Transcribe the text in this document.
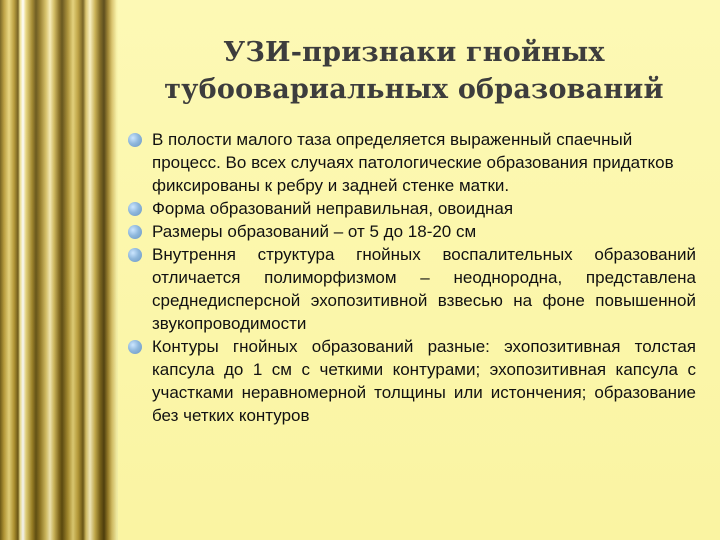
УЗИ-признаки гнойных
тубоовариальных образований
В полости малого таза определяется выраженный спаечный процесс. Во всех случаях патологические образования придатков фиксированы к ребру и задней стенке матки.
Форма образований неправильная, овоидная
Размеры образований – от 5 до 18-20 см
Внутрення структура гнойных воспалительных образований отличается полиморфизмом – неоднородна, представлена среднедисперсной эхопозитивной взвесью на фоне повышенной звукопроводимости
Контуры гнойных образований разные: эхопозитивная толстая капсула до 1 см с четкими контурами; эхопозитивная капсула с участками неравномерной толщины или истончения; образование без четких контуров
